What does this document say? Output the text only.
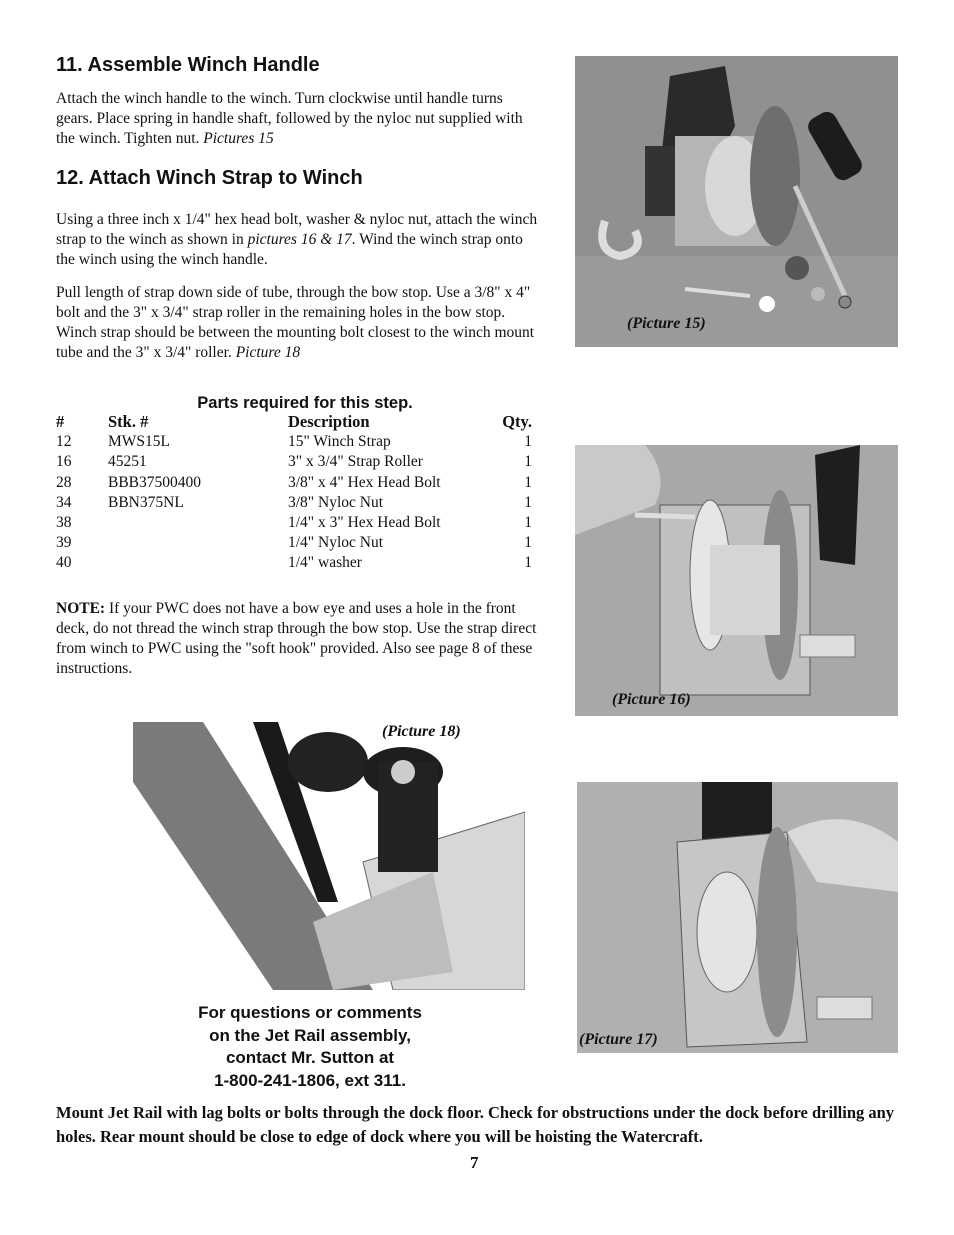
11. Assemble Winch Handle

Attach the winch handle to the winch. Turn clockwise until handle turns gears. Place spring in handle shaft, followed by the nyloc nut supplied with the winch. Tighten nut. Pictures 15

12. Attach Winch Strap to Winch

Using a three inch x 1/4" hex head bolt, washer & nyloc nut, attach the winch strap to the winch as shown in pictures 16 & 17. Wind the winch strap onto the winch using the winch handle.

Pull length of strap down side of tube, through the bow stop. Use a 3/8" x 4" bolt and the 3" x 3/4" strap roller in the remaining holes in the bow stop. Winch strap should be between the mounting bolt closest to the winch mount tube and the 3" x 3/4" roller. Picture 18

Parts required for this step.
#	Stk. #	Description	Qty.
12	MWS15L	15" Winch Strap	1
16	45251	3" x 3/4" Strap Roller	1
28	BBB37500400	3/8" x 4" Hex Head Bolt	1
34	BBN375NL	3/8" Nyloc Nut	1
38		1/4" x 3" Hex Head Bolt	1
39		1/4" Nyloc Nut	1
40		1/4" washer	1

NOTE: If your PWC does not have a bow eye and uses a hole in the front deck, do not thread the winch strap through the bow stop. Use the strap direct from winch to PWC using the "soft hook" provided. Also see page 8 of these instructions.

(Picture 15)
(Picture 16)
(Picture 18)
(Picture 17)
For questions or comments
on the Jet Rail assembly,
contact Mr. Sutton at
1-800-241-1806, ext 311.
Mount Jet Rail with lag bolts or bolts through the dock floor. Check for obstructions under the dock before drilling any holes. Rear mount should be close to edge of dock where you will be hoisting the Watercraft.
7
